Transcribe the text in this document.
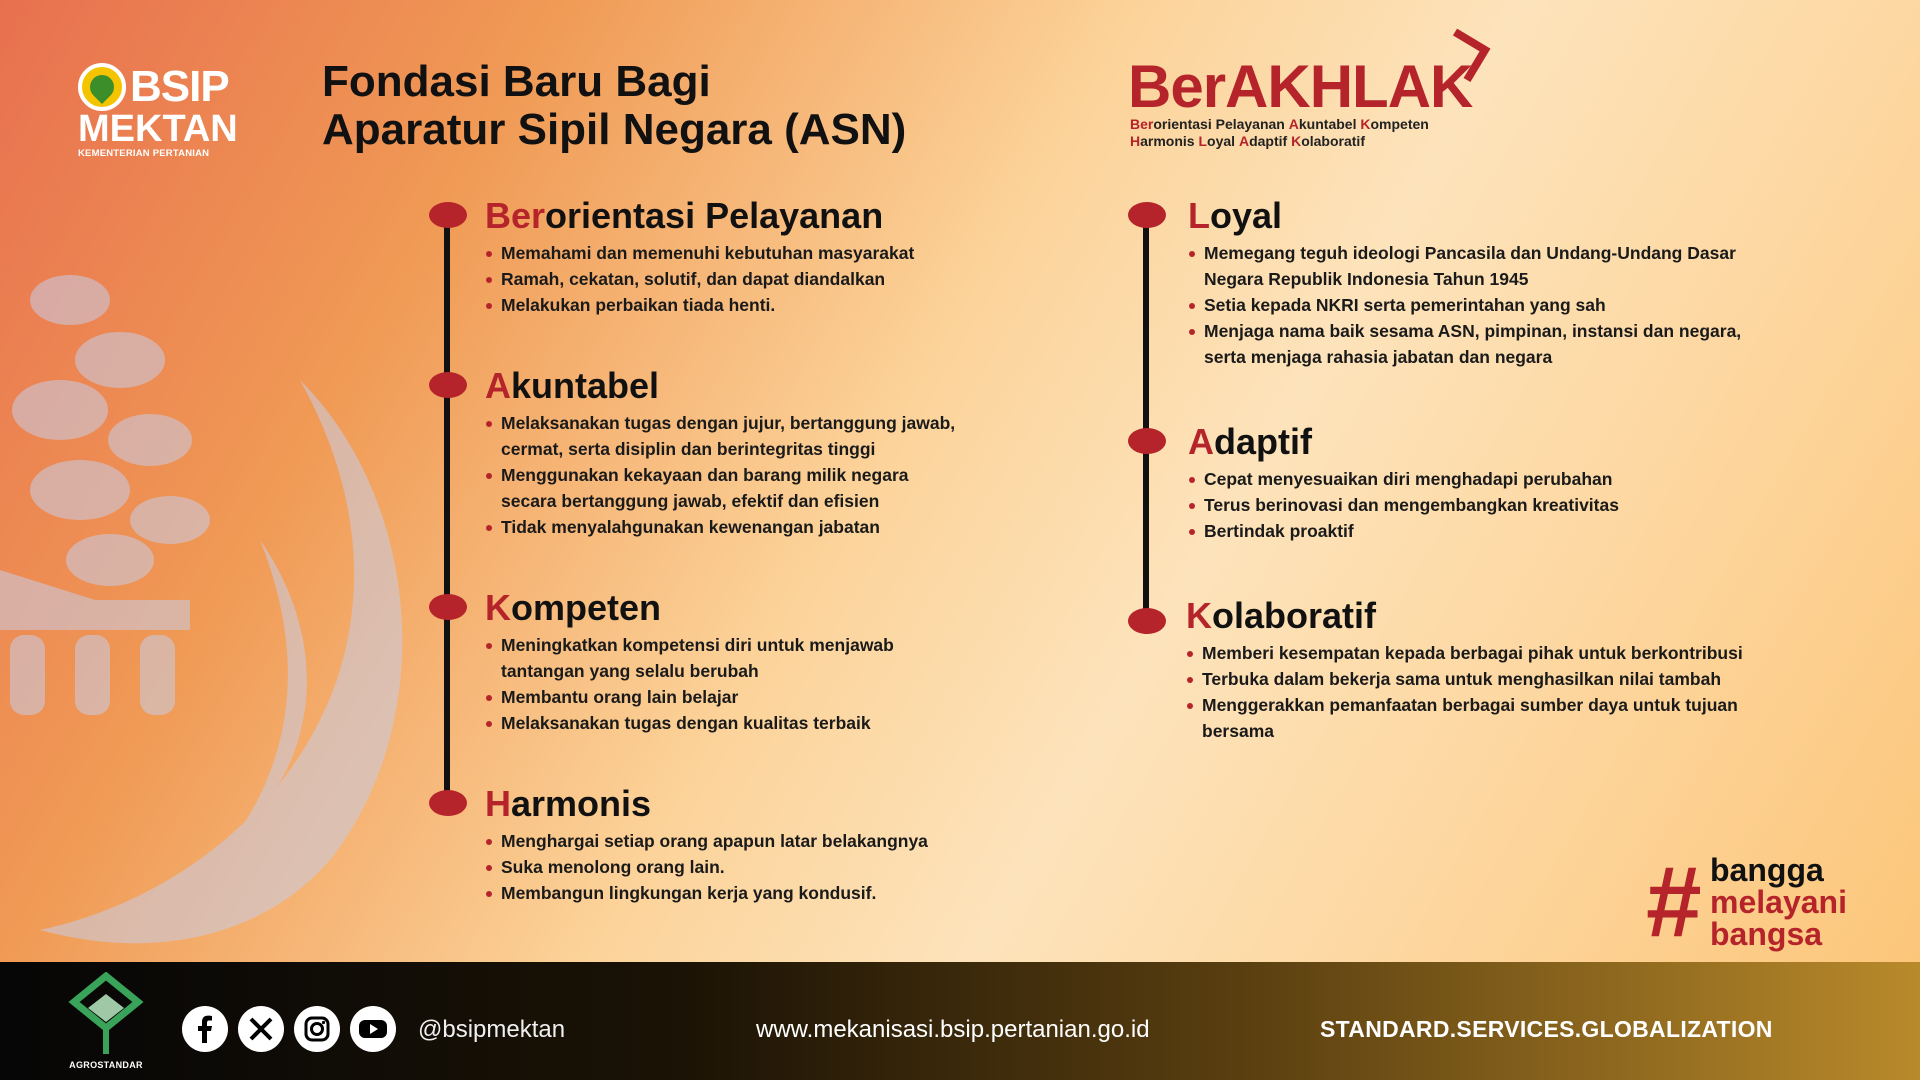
BSIP
MEKTAN
KEMENTERIAN PERTANIAN
Fondasi Baru Bagi
Aparatur Sipil Negara (ASN)
BerAKHLAK
Berorientasi Pelayanan Akuntabel Kompeten
Harmonis Loyal Adaptif Kolaboratif
Berorientasi Pelayanan
Memahami dan memenuhi kebutuhan masyarakat
Ramah, cekatan, solutif, dan dapat diandalkan
Melakukan perbaikan tiada henti.
Akuntabel
Melaksanakan tugas dengan jujur, bertanggung jawab, cermat, serta disiplin dan berintegritas tinggi
Menggunakan kekayaan dan barang milik negara secara bertanggung jawab, efektif dan efisien
Tidak menyalahgunakan kewenangan jabatan
Kompeten
Meningkatkan kompetensi diri untuk menjawab tantangan yang selalu berubah
Membantu orang lain belajar
Melaksanakan tugas dengan kualitas terbaik
Harmonis
Menghargai setiap orang apapun latar belakangnya
Suka menolong orang lain.
Membangun lingkungan kerja yang kondusif.
Loyal
Memegang teguh ideologi Pancasila dan Undang-Undang Dasar Negara Republik Indonesia Tahun 1945
Setia kepada NKRI serta pemerintahan yang sah
Menjaga nama baik sesama ASN, pimpinan, instansi dan negara, serta menjaga rahasia jabatan dan negara
Adaptif
Cepat menyesuaikan diri menghadapi perubahan
Terus berinovasi dan mengembangkan kreativitas
Bertindak proaktif
Kolaboratif
Memberi kesempatan kepada berbagai pihak untuk berkontribusi
Terbuka dalam bekerja sama untuk menghasilkan nilai tambah
Menggerakkan pemanfaatan berbagai sumber daya untuk tujuan bersama
# bangga
melayani
bangsa
AGROSTANDAR
@bsipmektan	www.mekanisasi.bsip.pertanian.go.id	STANDARD.SERVICES.GLOBALIZATION
